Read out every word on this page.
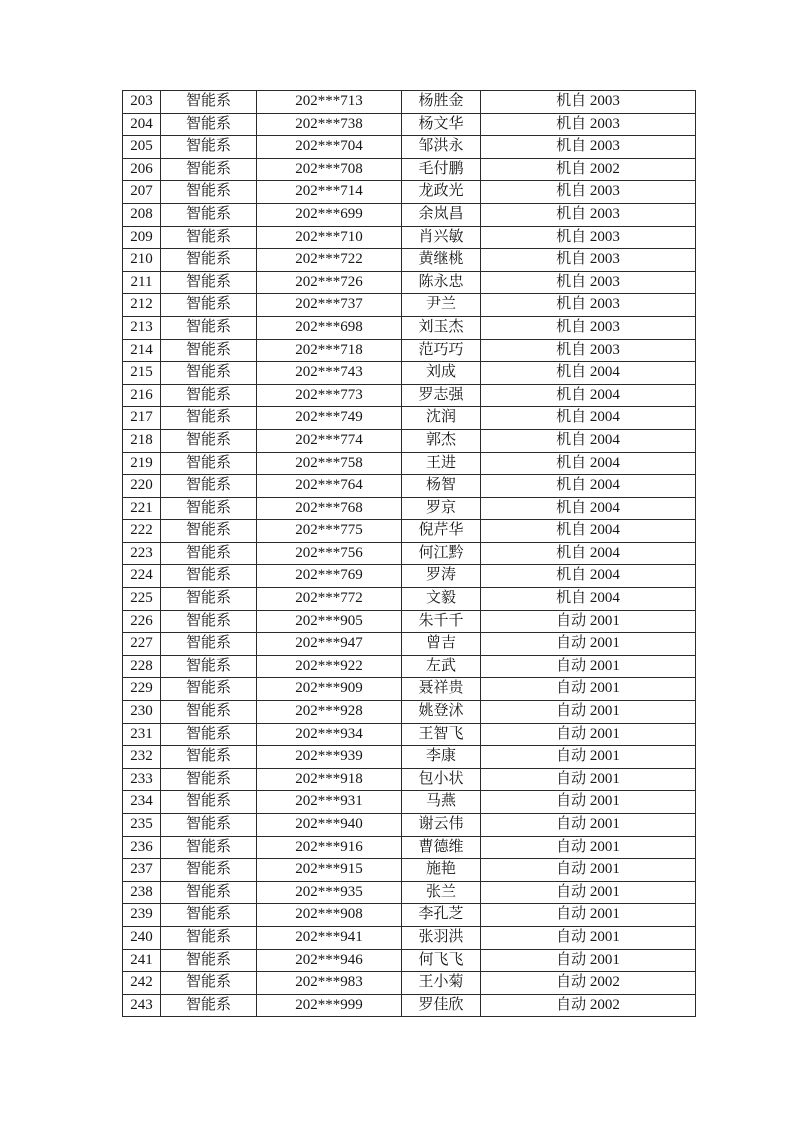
203	智能系	202***713	杨胜金	机自 2003
204	智能系	202***738	杨文华	机自 2003
205	智能系	202***704	邹洪永	机自 2003
206	智能系	202***708	毛付鹏	机自 2002
207	智能系	202***714	龙政光	机自 2003
208	智能系	202***699	余岚昌	机自 2003
209	智能系	202***710	肖兴敏	机自 2003
210	智能系	202***722	黄继桃	机自 2003
211	智能系	202***726	陈永忠	机自 2003
212	智能系	202***737	尹兰	机自 2003
213	智能系	202***698	刘玉杰	机自 2003
214	智能系	202***718	范巧巧	机自 2003
215	智能系	202***743	刘成	机自 2004
216	智能系	202***773	罗志强	机自 2004
217	智能系	202***749	沈润	机自 2004
218	智能系	202***774	郭杰	机自 2004
219	智能系	202***758	王进	机自 2004
220	智能系	202***764	杨智	机自 2004
221	智能系	202***768	罗京	机自 2004
222	智能系	202***775	倪芹华	机自 2004
223	智能系	202***756	何江黔	机自 2004
224	智能系	202***769	罗涛	机自 2004
225	智能系	202***772	文毅	机自 2004
226	智能系	202***905	朱千千	自动 2001
227	智能系	202***947	曾吉	自动 2001
228	智能系	202***922	左武	自动 2001
229	智能系	202***909	聂祥贵	自动 2001
230	智能系	202***928	姚登沭	自动 2001
231	智能系	202***934	王智飞	自动 2001
232	智能系	202***939	李康	自动 2001
233	智能系	202***918	包小状	自动 2001
234	智能系	202***931	马燕	自动 2001
235	智能系	202***940	谢云伟	自动 2001
236	智能系	202***916	曹德维	自动 2001
237	智能系	202***915	施艳	自动 2001
238	智能系	202***935	张兰	自动 2001
239	智能系	202***908	李孔芝	自动 2001
240	智能系	202***941	张羽洪	自动 2001
241	智能系	202***946	何飞飞	自动 2001
242	智能系	202***983	王小菊	自动 2002
243	智能系	202***999	罗佳欣	自动 2002
